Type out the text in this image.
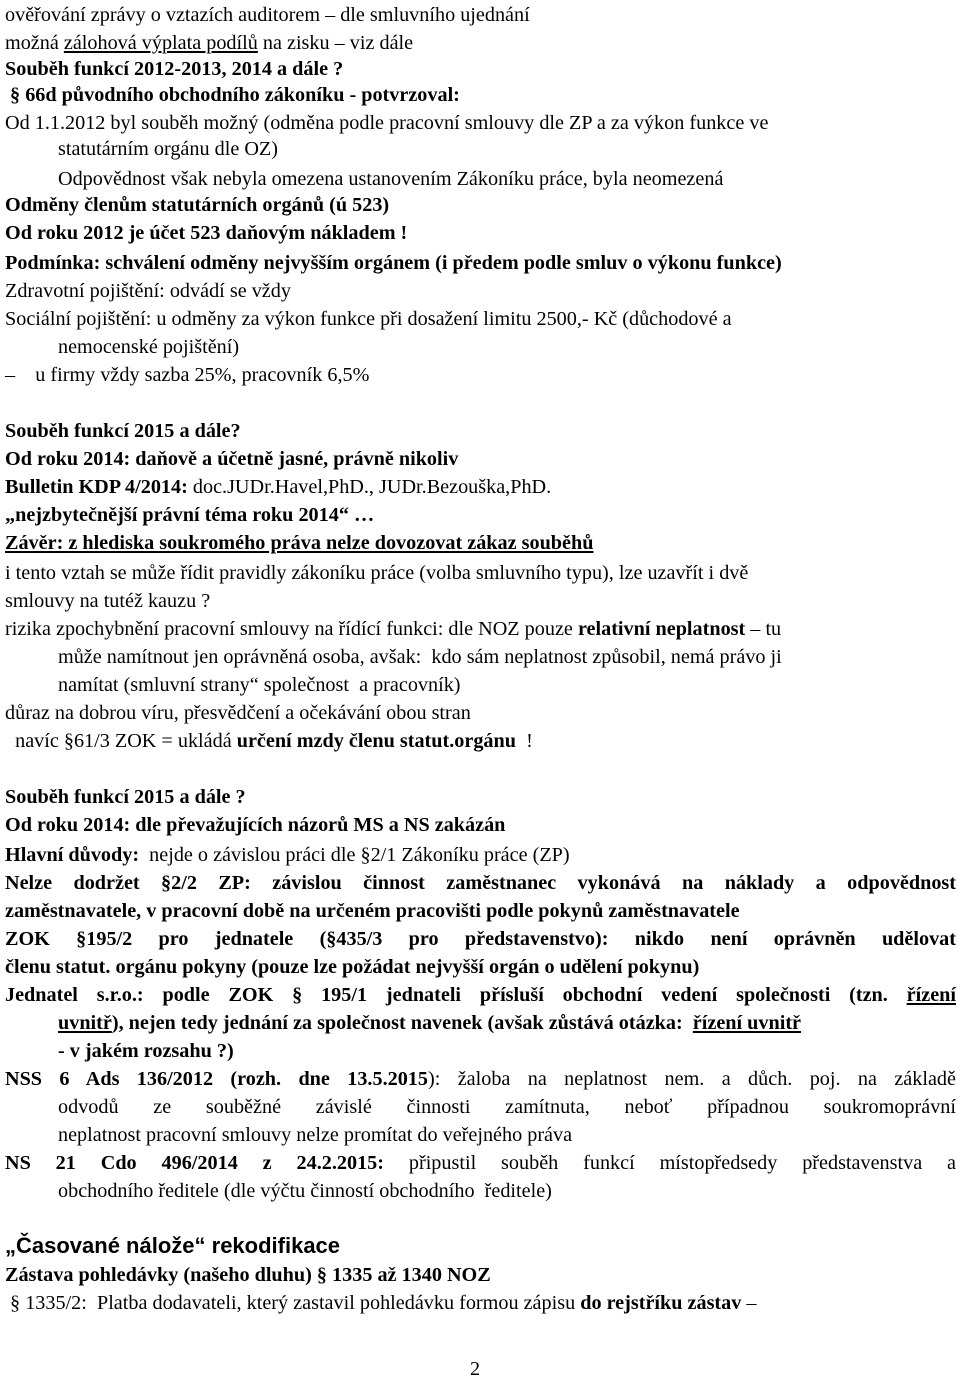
ověřování zprávy o vztazích auditorem – dle smluvního ujednání
možná zálohová výplata podílů na zisku – viz dále
Souběh funkcí 2012-2013, 2014 a dále ?
§ 66d původního obchodního zákoníku - potvrzoval:
Od 1.1.2012 byl souběh možný (odměna podle pracovní smlouvy dle ZP a za výkon funkce ve
statutárním orgánu dle OZ)
Odpovědnost však nebyla omezena ustanovením Zákoníku práce, byla neomezená
Odměny členům statutárních orgánů (ú 523)
Od roku 2012 je účet 523 daňovým nákladem !
Podmínka: schválení odměny nejvyšším orgánem (i předem podle smluv o výkonu funkce)
Zdravotní pojištění: odvádí se vždy
Sociální pojištění: u odměny za výkon funkce při dosažení limitu 2500,- Kč (důchodové a
nemocenské pojištění)
–    u firmy vždy sazba 25%, pracovník 6,5%
Souběh funkcí 2015 a dále?
Od roku 2014: daňově a účetně jasné, právně nikoliv
Bulletin KDP 4/2014: doc.JUDr.Havel,PhD., JUDr.Bezouška,PhD.
„nejzbytečnější právní téma roku 2014“ …
Závěr: z hlediska soukromého práva nelze dovozovat zákaz souběhů
i tento vztah se může řídit pravidly zákoníku práce (volba smluvního typu), lze uzavřít i dvě
smlouvy na tutéž kauzu ?
rizika zpochybnění pracovní smlouvy na řídící funkci: dle NOZ pouze relativní neplatnost – tu
může namítnout jen oprávněná osoba, avšak:  kdo sám neplatnost způsobil, nemá právo ji
namítat (smluvní strany“ společnost  a pracovník)
důraz na dobrou víru, přesvědčení a očekávání obou stran
navíc §61/3 ZOK = ukládá určení mzdy členu statut.orgánu  !
Souběh funkcí 2015 a dále ?
Od roku 2014: dle převažujících názorů MS a NS zakázán
Hlavní důvody:  nejde o závislou práci dle §2/1 Zákoníku práce (ZP)
Nelze dodržet §2/2 ZP: závislou činnost zaměstnanec vykonává na náklady a odpovědnost
zaměstnavatele, v pracovní době na určeném pracovišti podle pokynů zaměstnavatele
ZOK §195/2 pro jednatele (§435/3 pro představenstvo): nikdo není oprávněn udělovat
členu statut. orgánu pokyny (pouze lze požádat nejvyšší orgán o udělení pokynu)
Jednatel s.r.o.: podle ZOK § 195/1 jednateli přísluší obchodní vedení společnosti (tzn. řízení
uvnitř), nejen tedy jednání za společnost navenek (avšak zůstává otázka:  řízení uvnitř
- v jakém rozsahu ?)
NSS 6 Ads 136/2012 (rozh. dne 13.5.2015): žaloba na neplatnost nem. a důch. poj. na základě
odvodů ze souběžné závislé činnosti zamítnuta, neboť případnou soukromoprávní
neplatnost pracovní smlouvy nelze promítat do veřejného práva
NS 21 Cdo 496/2014 z 24.2.2015: připustil souběh funkcí místopředsedy představenstva a
obchodního ředitele (dle výčtu činností obchodního  ředitele)
„Časované nálože“ rekodifikace
Zástava pohledávky (našeho dluhu) § 1335 až 1340 NOZ
§ 1335/2:  Platba dodavateli, který zastavil pohledávku formou zápisu do rejstříku zástav –
2
